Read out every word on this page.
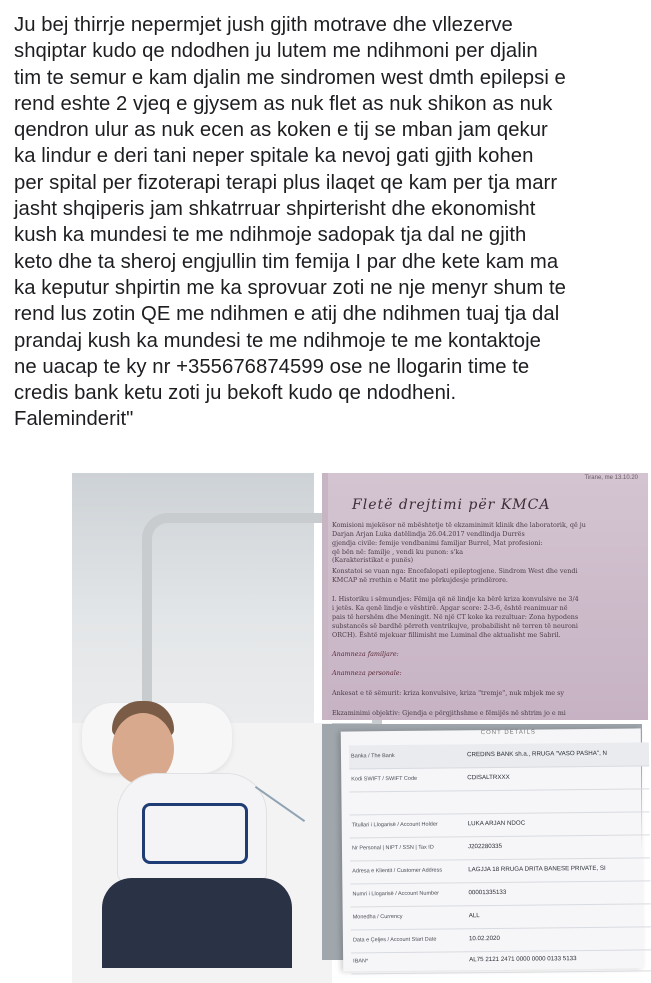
Ju bej thirrje nepermjet jush gjith motrave dhe vllezerve
shqiptar kudo qe ndodhen ju lutem me ndihmoni per djalin
tim te semur e kam djalin me sindromen west dmth epilepsi e
rend eshte 2 vjeq e gjysem as nuk flet as nuk shikon as nuk
qendron ulur as nuk ecen as koken e tij se mban jam qekur
ka lindur e deri tani neper spitale ka nevoj gati gjith kohen
per spital per fizoterapi terapi plus ilaqet qe kam per tja marr
jasht shqiperis jam shkatrruar shpirterisht dhe ekonomisht
kush ka mundesi te me ndihmoje sadopak tja dal ne gjith
keto dhe ta sheroj engjullin tim femija I par dhe kete kam ma
ka keputur shpirtin me ka sprovuar zoti ne nje menyr shum te
rend lus zotin QE me ndihmen e atij dhe ndihmen tuaj tja dal
prandaj kush ka mundesi te me ndihmoje te me kontaktoje
ne uacap te ky nr +355676874599 ose ne llogarin time te
credis bank ketu zoti ju bekoft kudo qe ndodheni.
Faleminderit"
Tirane, me 13.10.20
Fletë drejtimi për KMCA
Komisioni mjekësor në mbështetje të ekzaminimit klinik dhe laboratorik, që ju
Darjan Arjan Luka datëlindja 26.04.2017 vendlindja Durrës
gjendja civile: femije vendbanimi familjar Burrel, Mat profesioni:
që bën në: familje , vendi ku punon: s'ka
(Karakteristikat e punës)
Konstatoi se vuan nga: Encefalopati epileptogjene. Sindrom West dhe vendi
KMCAP në rrethin e Matit me përkujdesje prindërore.
I. Historiku i sëmundjes: Fëmija që në lindje ka bërë kriza konvulsive ne 3/4
i jetës. Ka qenë lindje e vështirë. Apgar score: 2-3-6, është reanimuar në
pais të hershëm dhe Meningit. Në një CT koke ka rezultuar: Zona hypodens
substancës së bardhë përreth ventrikujve, probabilisht në terren të neuroni
ORCH). Është mjekuar fillimisht me Luminal dhe aktualisht me Sabril.
Anamneza familjare:
Anamneza personale:
Ankesat e të sëmurit: kriza konvulsive, kriza "tremje", nuk mbjek me sy
Ekzaminimi objektiv: Gjendja e përgjithshme e fëmijës në shtrim jo e mi
CONT DETAILS
Banka / The Bank	CREDINS BANK sh.a., RRUGA "VASO PASHA", N
Kodi SWIFT / SWIFT Code	CDISALTRXXX
Titullari i Llogarisë / Account Holder	LUKA ARJAN NDOC
Nr Personal | NIPT / SSN | Tax ID	J202280335
Adresa e Klientit / Customer Address	LAGJJA 18 RRUGA DRITA BANESE PRIVATE, SI
Numri i Llogarisë / Account Number	00001335133
Monedha / Currency	ALL
Data e Çeljes / Account Start Date	10.02.2020
IBAN*	AL75 2121 2471 0000 0000 0133 5133
